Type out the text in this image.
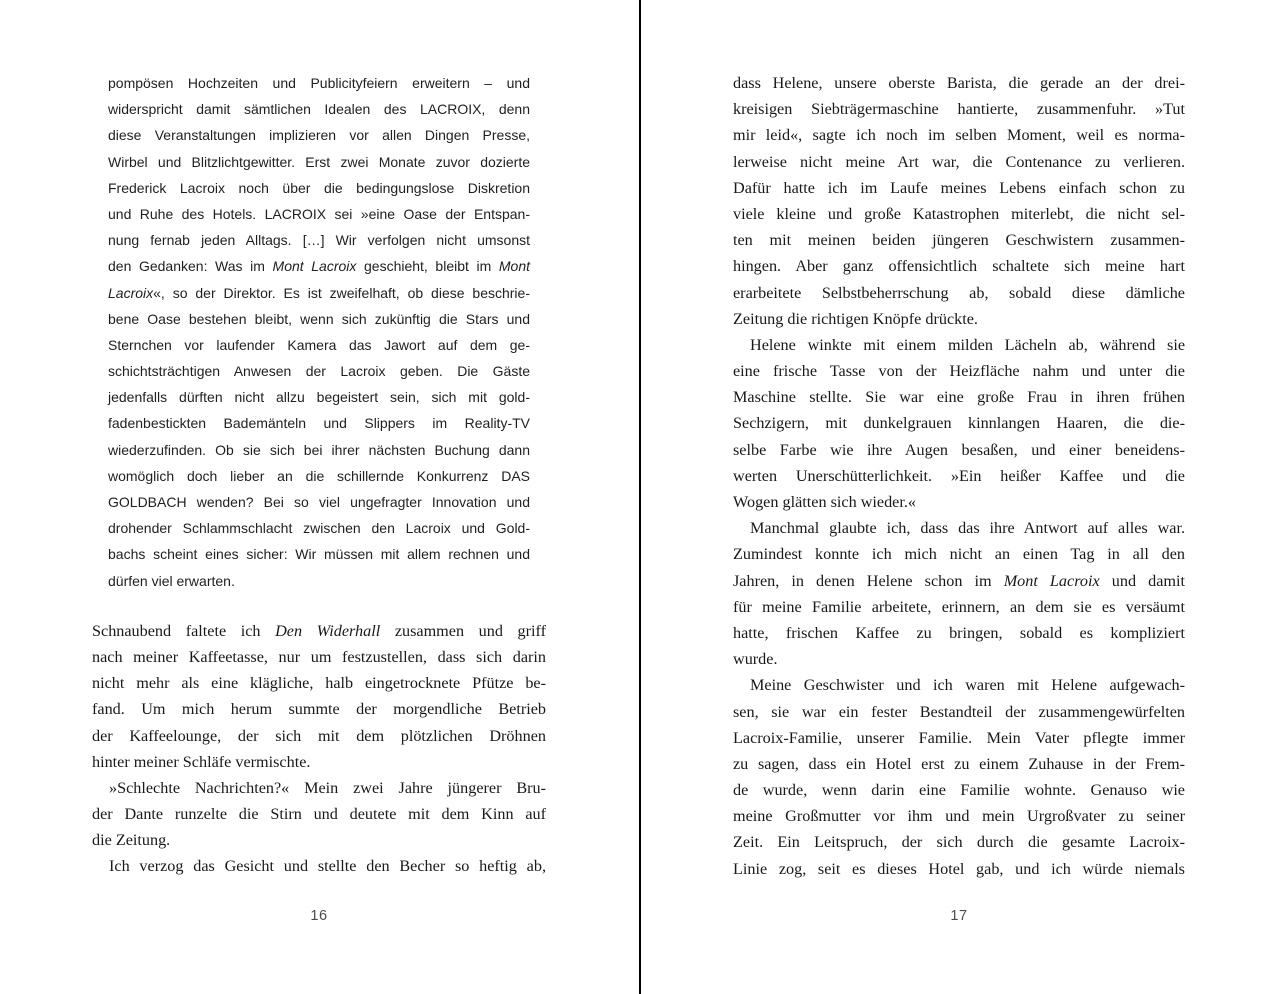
pompösen Hochzeiten und Publicityfeiern erweitern – und
widerspricht damit sämtlichen Idealen des LACROIX, denn
diese Veranstaltungen implizieren vor allen Dingen Presse,
Wirbel und Blitzlichtgewitter. Erst zwei Monate zuvor dozierte
Frederick Lacroix noch über die bedingungslose Diskretion
und Ruhe des Hotels. LACROIX sei »eine Oase der Entspan-
nung fernab jeden Alltags. […] Wir verfolgen nicht umsonst
den Gedanken: Was im Mont Lacroix geschieht, bleibt im Mont
Lacroix«, so der Direktor. Es ist zweifelhaft, ob diese beschrie-
bene Oase bestehen bleibt, wenn sich zukünftig die Stars und
Sternchen vor laufender Kamera das Jawort auf dem ge-
schichtsträchtigen Anwesen der Lacroix geben. Die Gäste
jedenfalls dürften nicht allzu begeistert sein, sich mit gold-
fadenbestickten Bademänteln und Slippers im Reality-TV
wiederzufinden. Ob sie sich bei ihrer nächsten Buchung dann
womöglich doch lieber an die schillernde Konkurrenz DAS
GOLDBACH wenden? Bei so viel ungefragter Innovation und
drohender Schlammschlacht zwischen den Lacroix und Gold-
bachs scheint eines sicher: Wir müssen mit allem rechnen und
dürfen viel erwarten.
Schnaubend faltete ich Den Widerhall zusammen und griff
nach meiner Kaffeetasse, nur um festzustellen, dass sich darin
nicht mehr als eine klägliche, halb eingetrocknete Pfütze be-
fand. Um mich herum summte der morgendliche Betrieb
der Kaffeelounge, der sich mit dem plötzlichen Dröhnen
hinter meiner Schläfe vermischte.
»Schlechte Nachrichten?« Mein zwei Jahre jüngerer Bru-
der Dante runzelte die Stirn und deutete mit dem Kinn auf
die Zeitung.
Ich verzog das Gesicht und stellte den Becher so heftig ab,
16
dass Helene, unsere oberste Barista, die gerade an der drei-
kreisigen Siebträgermaschine hantierte, zusammenfuhr. »Tut
mir leid«, sagte ich noch im selben Moment, weil es norma-
lerweise nicht meine Art war, die Contenance zu verlieren.
Dafür hatte ich im Laufe meines Lebens einfach schon zu
viele kleine und große Katastrophen miterlebt, die nicht sel-
ten mit meinen beiden jüngeren Geschwistern zusammen-
hingen. Aber ganz offensichtlich schaltete sich meine hart
erarbeitete Selbstbeherrschung ab, sobald diese dämliche
Zeitung die richtigen Knöpfe drückte.
Helene winkte mit einem milden Lächeln ab, während sie
eine frische Tasse von der Heizfläche nahm und unter die
Maschine stellte. Sie war eine große Frau in ihren frühen
Sechzigern, mit dunkelgrauen kinnlangen Haaren, die die-
selbe Farbe wie ihre Augen besaßen, und einer beneidens-
werten Unerschütterlichkeit. »Ein heißer Kaffee und die
Wogen glätten sich wieder.«
Manchmal glaubte ich, dass das ihre Antwort auf alles war.
Zumindest konnte ich mich nicht an einen Tag in all den
Jahren, in denen Helene schon im Mont Lacroix und damit
für meine Familie arbeitete, erinnern, an dem sie es versäumt
hatte, frischen Kaffee zu bringen, sobald es kompliziert
wurde.
Meine Geschwister und ich waren mit Helene aufgewach-
sen, sie war ein fester Bestandteil der zusammengewürfelten
Lacroix-Familie, unserer Familie. Mein Vater pflegte immer
zu sagen, dass ein Hotel erst zu einem Zuhause in der Frem-
de wurde, wenn darin eine Familie wohnte. Genauso wie
meine Großmutter vor ihm und mein Urgroßvater zu seiner
Zeit. Ein Leitspruch, der sich durch die gesamte Lacroix-
Linie zog, seit es dieses Hotel gab, und ich würde niemals
17
